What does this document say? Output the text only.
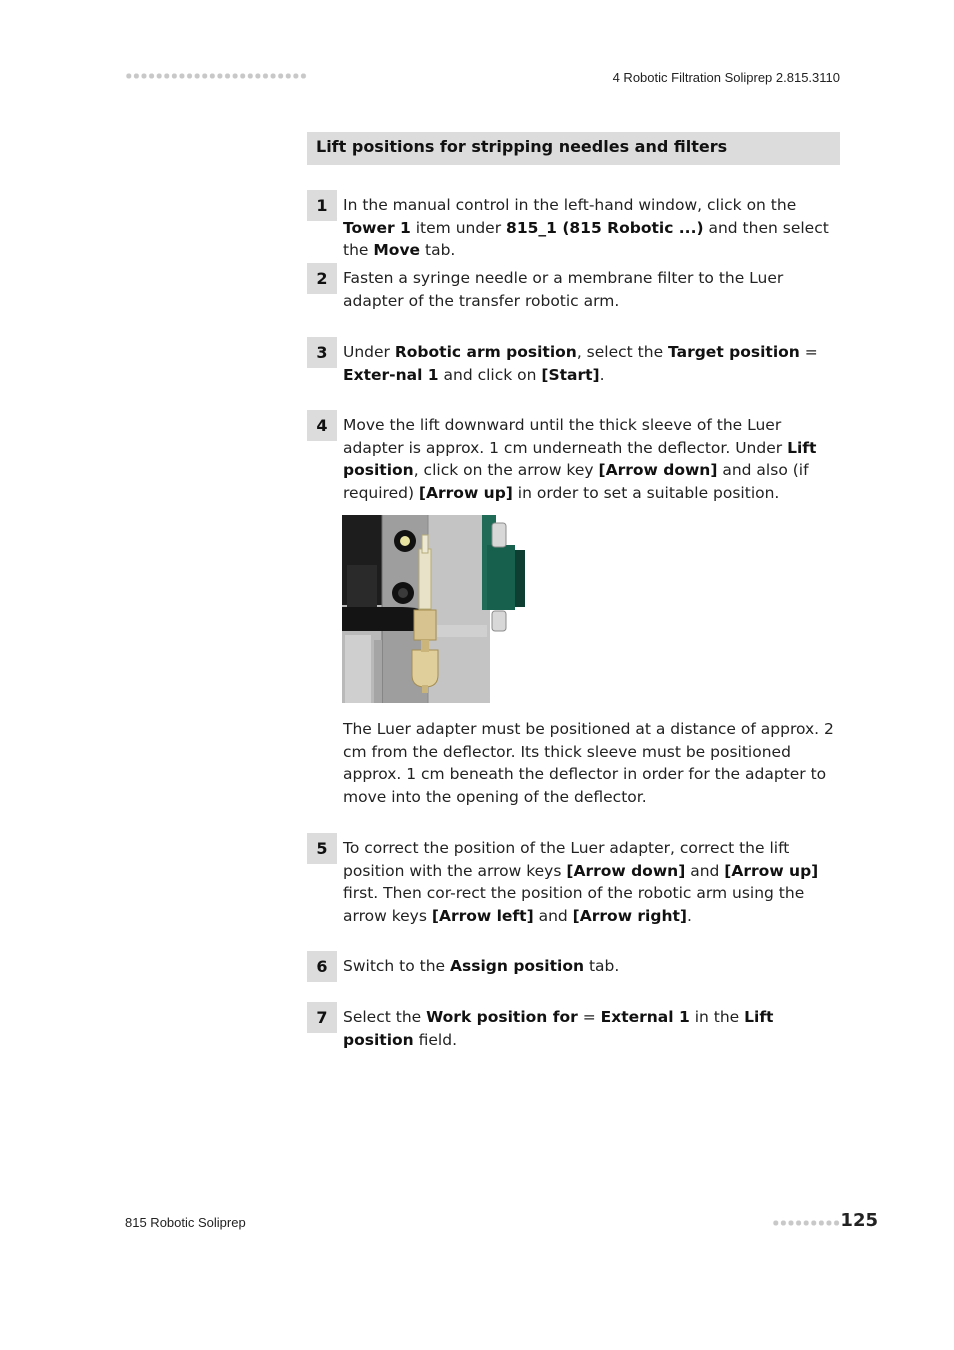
4 Robotic Filtration Soliprep 2.815.3110
Lift positions for stripping needles and filters
1 In the manual control in the left-hand window, click on the Tower 1 item under 815_1 (815 Robotic ...) and then select the Move tab.
2 Fasten a syringe needle or a membrane filter to the Luer adapter of the transfer robotic arm.
3 Under Robotic arm position, select the Target position = Exter-nal 1 and click on [Start].
4 Move the lift downward until the thick sleeve of the Luer adapter is approx. 1 cm underneath the deflector. Under Lift position, click on the arrow key [Arrow down] and also (if required) [Arrow up] in order to set a suitable position.
The Luer adapter must be positioned at a distance of approx. 2 cm from the deflector. Its thick sleeve must be positioned approx. 1 cm beneath the deflector in order for the adapter to move into the opening of the deflector.
5 To correct the position of the Luer adapter, correct the lift position with the arrow keys [Arrow down] and [Arrow up] first. Then cor-rect the position of the robotic arm using the arrow keys [Arrow left] and [Arrow right].
6 Switch to the Assign position tab.
7 Select the Work position for = External 1 in the Lift position field.
815 Robotic Soliprep	125
